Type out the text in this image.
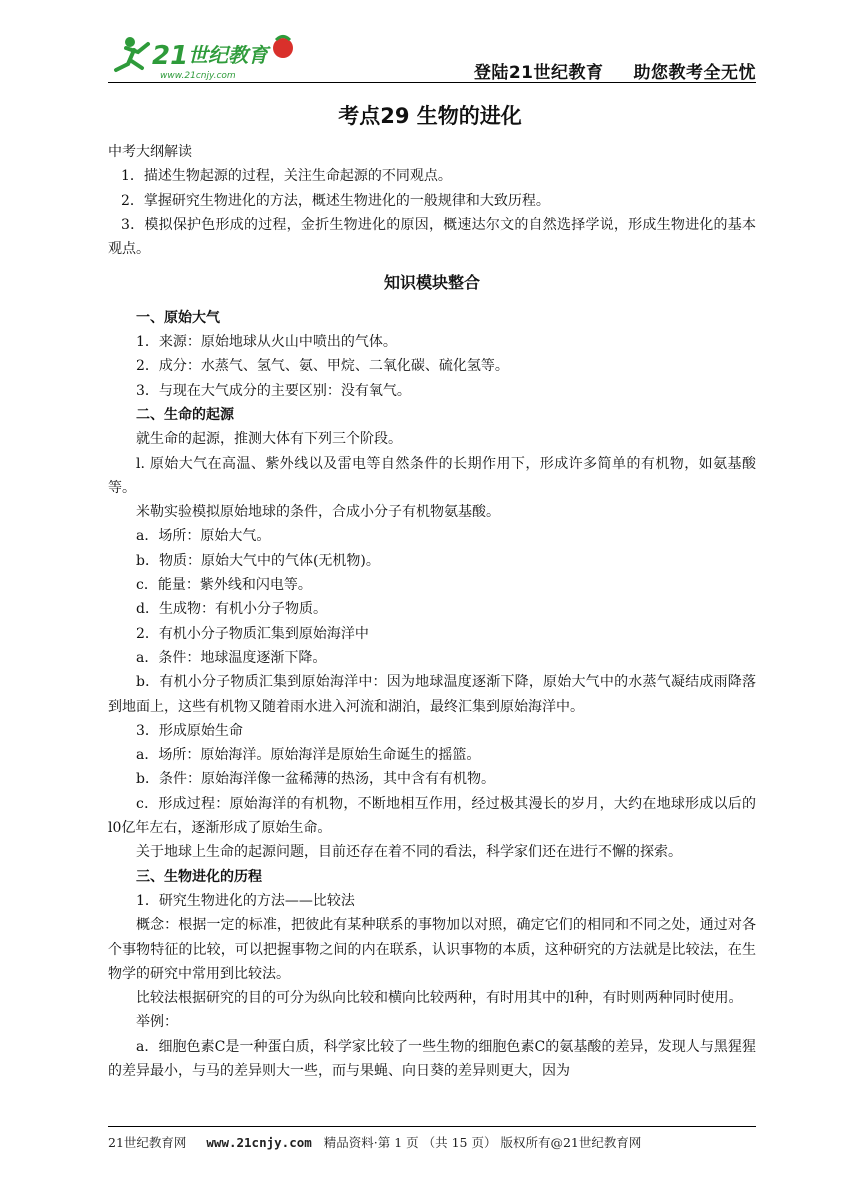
21 世纪教育
www.21cnjy.com	登陆21世纪教育 助您教考全无忧
考点29 生物的进化

中考大纲解读

1．描述生物起源的过程，关注生命起源的不同观点。

2．掌握研究生物进化的方法，概述生物进化的一般规律和大致历程。

3．模拟保护色形成的过程，金折生物进化的原因，概速达尔文的自然选择学说，形成生物进化的基本观点。

知识模块整合

一、原始大气

1．来源：原始地球从火山中喷出的气体。

2．成分：水蒸气、氢气、氨、甲烷、二氧化碳、硫化氢等。

3．与现在大气成分的主要区别：没有氧气。

二、生命的起源

就生命的起源，推测大体有下列三个阶段。

l. 原始大气在高温、紫外线以及雷电等自然条件的长期作用下，形成许多简单的有机物，如氨基酸等。

米勒实验模拟原始地球的条件，合成小分子有机物氨基酸。

a．场所：原始大气。

b．物质：原始大气中的气体(无机物)。

c．能量：紫外线和闪电等。

d．生成物：有机小分子物质。

2．有机小分子物质汇集到原始海洋中

a．条件：地球温度逐渐下降。

b．有机小分子物质汇集到原始海洋中：因为地球温度逐渐下降，原始大气中的水蒸气凝结成雨降落到地面上，这些有机物又随着雨水进入河流和湖泊，最终汇集到原始海洋中。

3．形成原始生命

a．场所：原始海洋。原始海洋是原始生命诞生的摇篮。

b．条件：原始海洋像一盆稀薄的热汤，其中含有有机物。

c．形成过程：原始海洋的有机物，不断地相互作用，经过极其漫长的岁月，大约在地球形成以后的l0亿年左右，逐渐形成了原始生命。

关于地球上生命的起源问题，目前还存在着不同的看法，科学家们还在进行不懈的探索。

三、生物进化的历程

1．研究生物进化的方法——比较法

概念：根据一定的标准，把彼此有某种联系的事物加以对照，确定它们的相同和不同之处，通过对各个事物特征的比较，可以把握事物之间的内在联系，认识事物的本质，这种研究的方法就是比较法，在生物学的研究中常用到比较法。

比较法根据研究的目的可分为纵向比较和横向比较两种，有时用其中的l种，有时则两种同时使用。

举例：

a．细胞色素C是一种蛋白质，科学家比较了一些生物的细胞色素C的氨基酸的差异，发现人与黑猩猩的差异最小，与马的差异则大一些，而与果蝇、向日葵的差异则更大，因为

21世纪教育网 www.21cnjy.com 精品资料·第 1 页 （共 15 页） 版权所有@21世纪教育网
